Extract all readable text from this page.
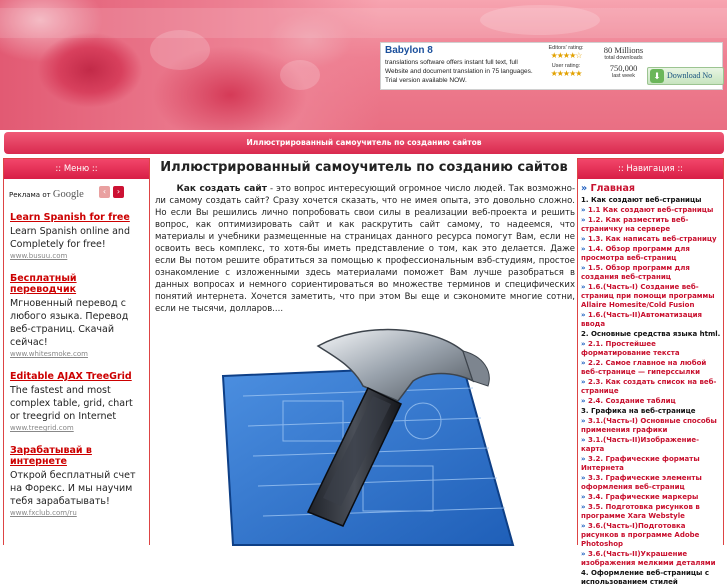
Babylon 8
translations software offers instant full text, full Website and document translation in 75 languages. Trial version available NOW.
Editors' rating:
★★★★☆
User rating:
★★★★★
80 Millions
total downloads
750,000
last week	⬇ Download No
Иллюстрированный самоучитель по созданию сайтов
:: Меню ::
Реклама от Google	‹	›
Learn Spanish for free
Learn Spanish online and Completely for free!
www.busuu.com
Бесплатный переводчик
Мгновенный перевод с любого языка. Перевод веб-страниц. Скачай сейчас!
www.whitesmoke.com
Editable AJAX TreeGrid
The fastest and most complex table, grid, chart or treegrid on Internet
www.treegrid.com
Зарабатывай в интернете
Открой бесплатный счет на Форекс. И мы научим тебя зарабатывать!
www.fxclub.com/ru
Иллюстрированный самоучитель по созданию сайтов

Как создать сайт - это вопрос интересующий огромное число людей. Так возможно-ли самому создать сайт? Сразу хочется сказать, что не имея опыта, это довольно сложно. Но если Вы решились лично попробовать свои силы в реализации веб-проекта и решить вопрос, как оптимизировать сайт и как раскрутить сайт самому, то надеемся, что материалы и учебники размещенные на страницах данного ресурса помогут Вам, если не освоить весь комплекс, то хотя-бы иметь представление о том, как это делается. Даже если Вы потом решите обратиться за помощью к профессиональным вэб-студиям, простое ознакомление с изложенными здесь материалами поможет Вам лучше разобраться в данных вопросах и немного сориентироваться во множестве терминов и специфических понятий интернета. Хочется заметить, что при этом Вы еще и сэкономите многие сотни, если не тысячи, долларов....

:: Навигация ::
» Главная
1. Как создают веб-страницы
» 1.1 Как создают веб-страницы
» 1.2. Как разместить веб-страничку на сервере
» 1.3. Как написать веб-страницу
» 1.4. Обзор программ для просмотра веб-страниц
» 1.5. Обзор программ для создания веб-страниц
» 1.6.(Часть-I) Создание веб-страниц при помощи программы Allaire Homesite/Cold Fusion
» 1.6.(Часть-II)Автоматизация ввода
2. Основные средства языка html.
» 2.1. Простейшее форматирование текста
» 2.2. Самое главное на любой веб-странице — гиперссылки
» 2.3. Как создать список на веб-странице
» 2.4. Создание таблиц
3. Графика на веб-странице
» 3.1.(Часть-I) Основные способы применения графики
» 3.1.(Часть-II)Изображение-карта
» 3.2. Графические форматы Интернета
» 3.3. Графические элементы оформления веб-страниц
» 3.4. Графические маркеры
» 3.5. Подготовка рисунков в программе Xara Webstyle
» 3.6.(Часть-I)Подготовка рисунков в программе Adobe Photoshop
» 3.6.(Часть-II)Украшение изображения мелкими деталями
4. Оформление веб-страницы с использованием стилей
